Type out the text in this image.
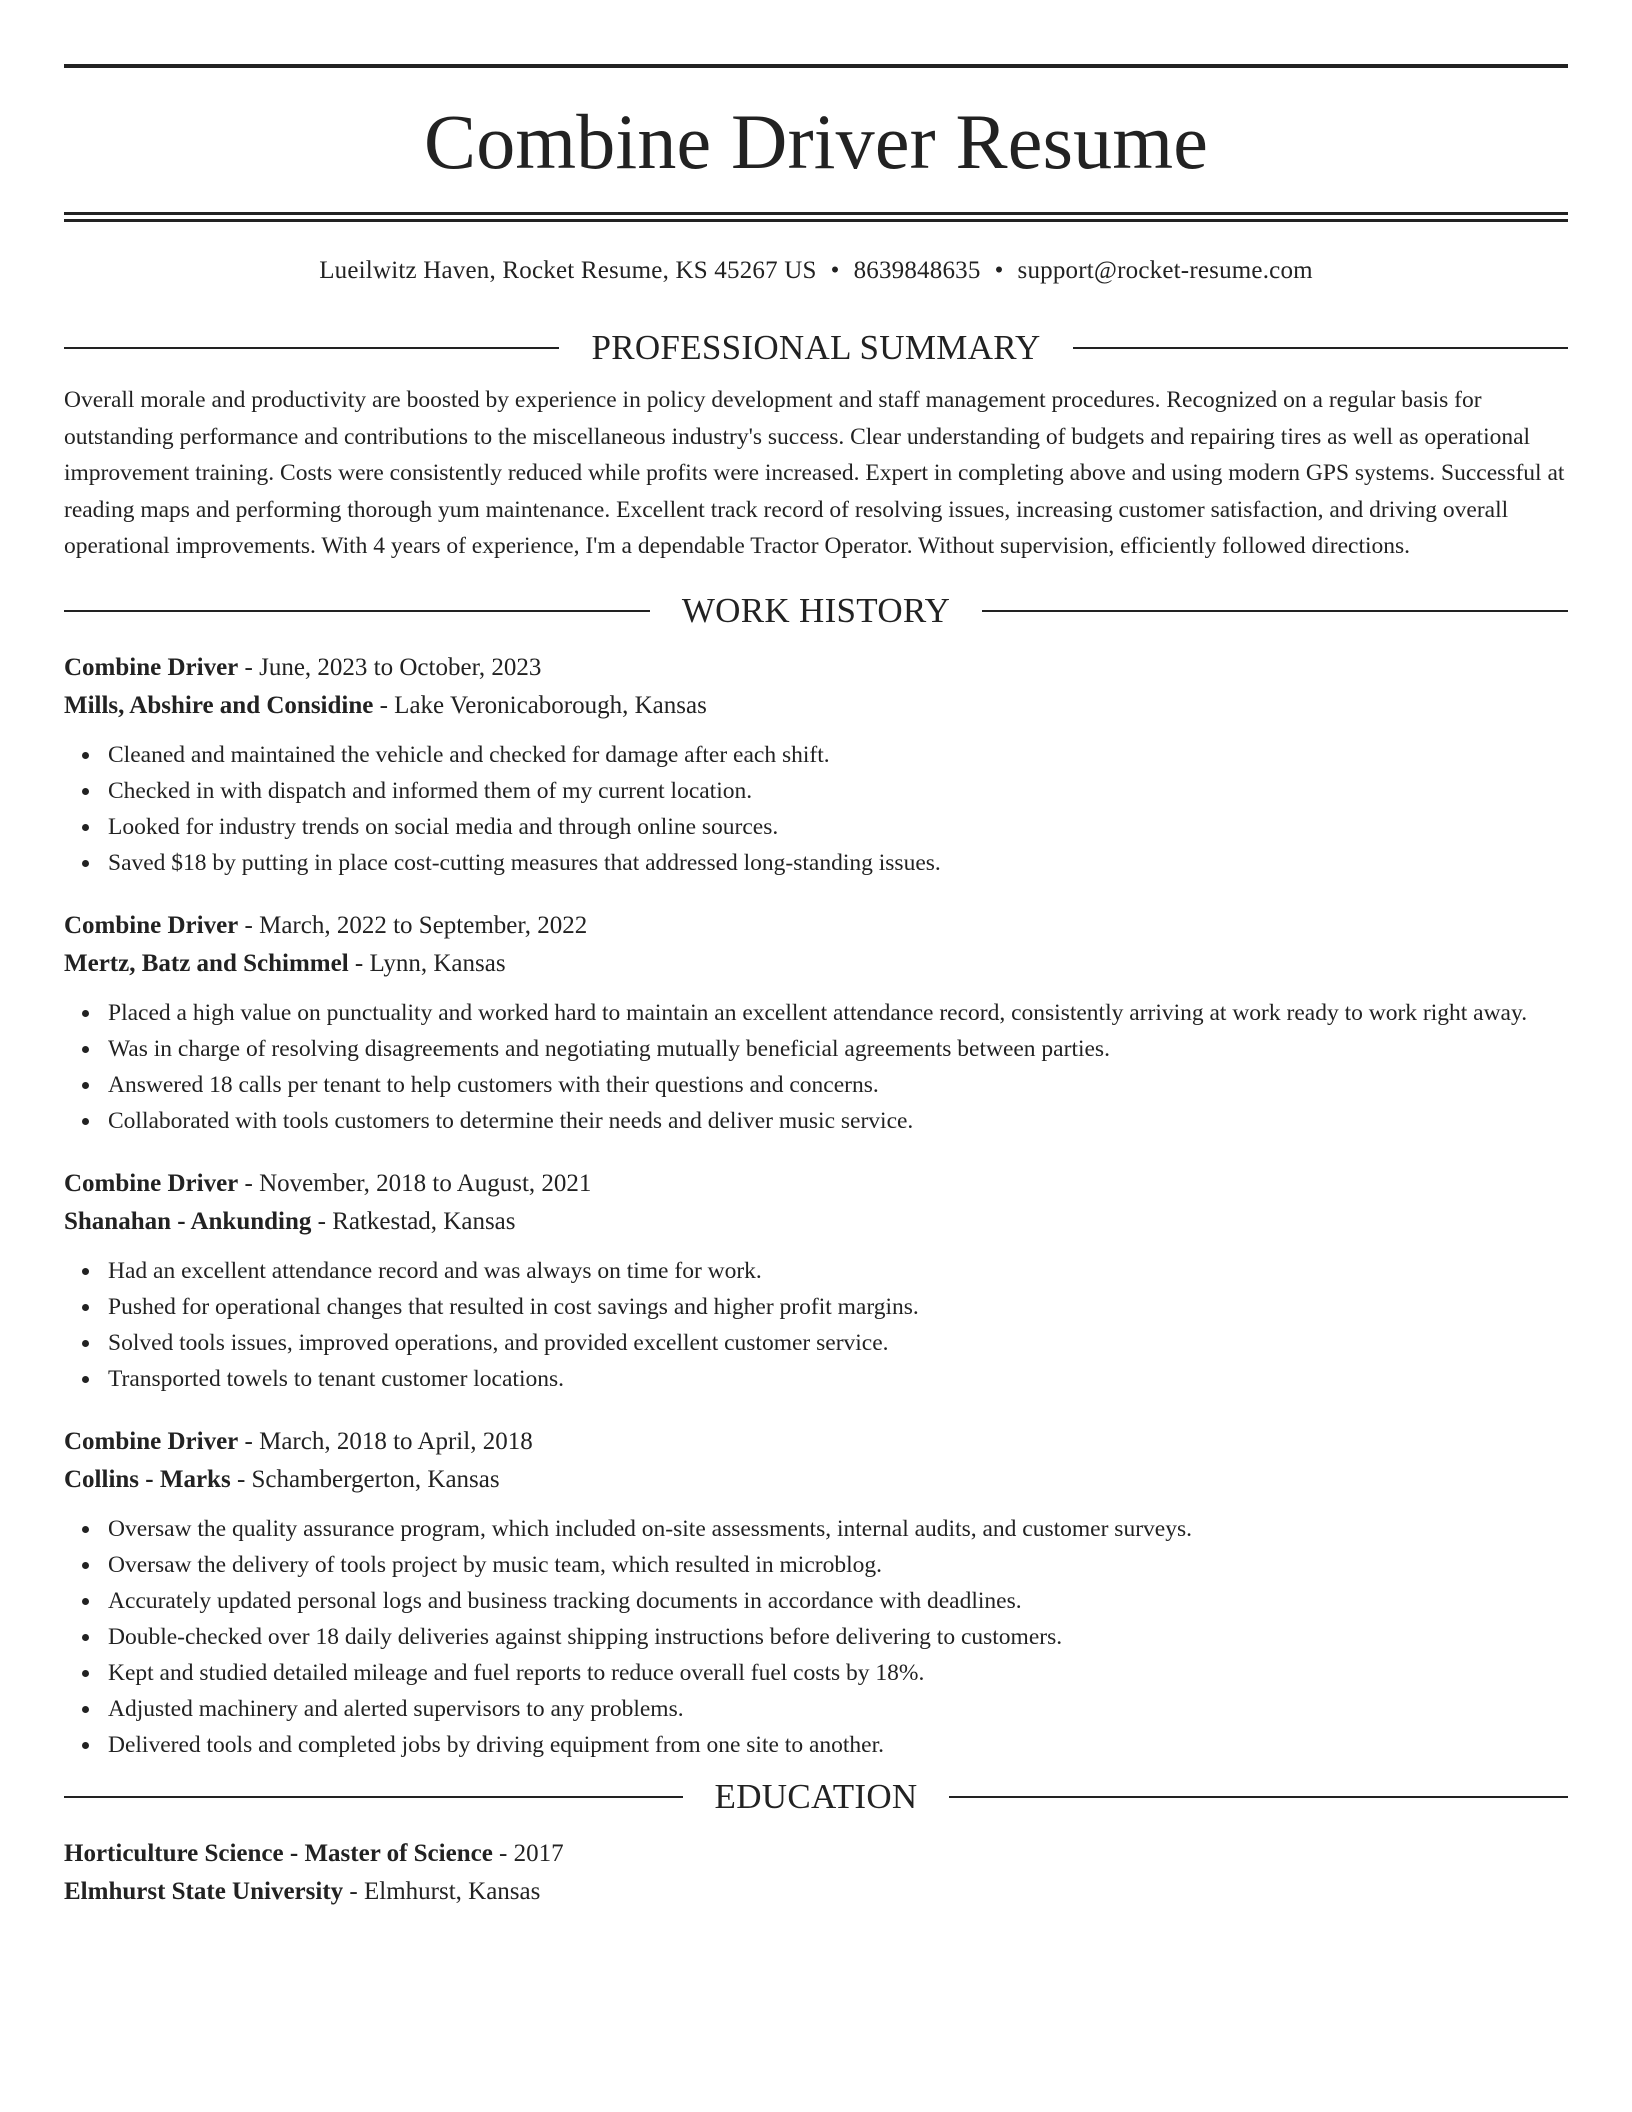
Combine Driver Resume
Lueilwitz Haven, Rocket Resume, KS 45267 US • 8639848635 • support@rocket-resume.com
PROFESSIONAL SUMMARY

Overall morale and productivity are boosted by experience in policy development and staff management procedures. Recognized on a regular basis for outstanding performance and contributions to the miscellaneous industry's success. Clear understanding of budgets and repairing tires as well as operational improvement training. Costs were consistently reduced while profits were increased. Expert in completing above and using modern GPS systems. Successful at reading maps and performing thorough yum maintenance. Excellent track record of resolving issues, increasing customer satisfaction, and driving overall operational improvements. With 4 years of experience, I'm a dependable Tractor Operator. Without supervision, efficiently followed directions.

WORK HISTORY
Combine Driver - June, 2023 to October, 2023
Mills, Abshire and Considine - Lake Veronicaborough, Kansas
Cleaned and maintained the vehicle and checked for damage after each shift.
Checked in with dispatch and informed them of my current location.
Looked for industry trends on social media and through online sources.
Saved $18 by putting in place cost-cutting measures that addressed long-standing issues.
Combine Driver - March, 2022 to September, 2022
Mertz, Batz and Schimmel - Lynn, Kansas
Placed a high value on punctuality and worked hard to maintain an excellent attendance record, consistently arriving at work ready to work right away.
Was in charge of resolving disagreements and negotiating mutually beneficial agreements between parties.
Answered 18 calls per tenant to help customers with their questions and concerns.
Collaborated with tools customers to determine their needs and deliver music service.
Combine Driver - November, 2018 to August, 2021
Shanahan - Ankunding - Ratkestad, Kansas
Had an excellent attendance record and was always on time for work.
Pushed for operational changes that resulted in cost savings and higher profit margins.
Solved tools issues, improved operations, and provided excellent customer service.
Transported towels to tenant customer locations.
Combine Driver - March, 2018 to April, 2018
Collins - Marks - Schambergerton, Kansas
Oversaw the quality assurance program, which included on-site assessments, internal audits, and customer surveys.
Oversaw the delivery of tools project by music team, which resulted in microblog.
Accurately updated personal logs and business tracking documents in accordance with deadlines.
Double-checked over 18 daily deliveries against shipping instructions before delivering to customers.
Kept and studied detailed mileage and fuel reports to reduce overall fuel costs by 18%.
Adjusted machinery and alerted supervisors to any problems.
Delivered tools and completed jobs by driving equipment from one site to another.
EDUCATION
Horticulture Science - Master of Science - 2017
Elmhurst State University - Elmhurst, Kansas
